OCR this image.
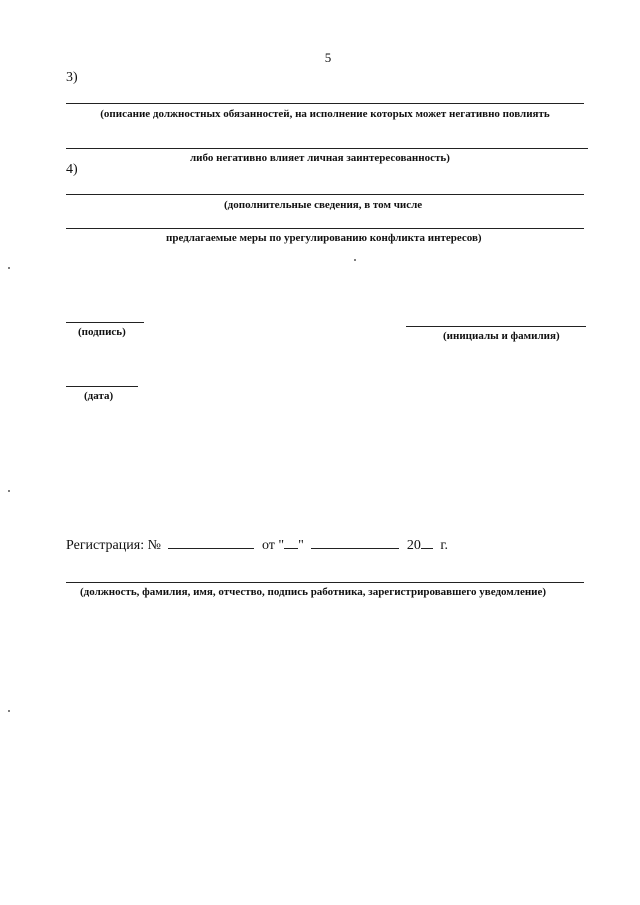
5
3)
(описание должностных обязанностей, на исполнение которых может негативно повлиять
либо негативно влияет личная заинтересованность)
4)
(дополнительные сведения, в том числе
предлагаемые меры по урегулированию конфликта интересов)
(подпись)	(инициалы и фамилия)
(дата)
Регистрация: №	от " "	20 г.
(должность, фамилия, имя, отчество, подпись работника, зарегистрировавшего уведомление)
